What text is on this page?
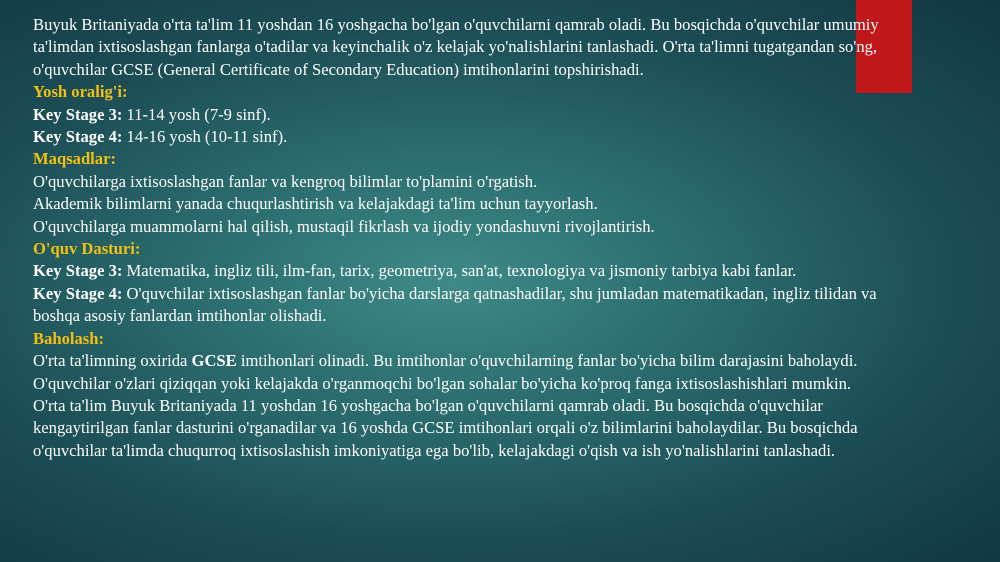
Buyuk Britaniyada o'rta ta'lim 11 yoshdan 16 yoshgacha bo'lgan o'quvchilarni qamrab oladi. Bu bosqichda o'quvchilar umumiy ta'limdan ixtisoslashgan fanlarga o'tadilar va keyinchalik o'z kelajak yo'nalishlarini tanlashadi. O'rta ta'limni tugatgandan so'ng, o'quvchilar GCSE (General Certificate of Secondary Education) imtihonlarini topshirishadi.

Yosh oralig'i:

Key Stage 3: 11-14 yosh (7-9 sinf).

Key Stage 4: 14-16 yosh (10-11 sinf).

Maqsadlar:

O'quvchilarga ixtisoslashgan fanlar va kengroq bilimlar to'plamini o'rgatish.

Akademik bilimlarni yanada chuqurlashtirish va kelajakdagi ta'lim uchun tayyorlash.

O'quvchilarga muammolarni hal qilish, mustaqil fikrlash va ijodiy yondashuvni rivojlantirish.

O'quv Dasturi:

Key Stage 3: Matematika, ingliz tili, ilm-fan, tarix, geometriya, san'at, texnologiya va jismoniy tarbiya kabi fanlar.

Key Stage 4: O'quvchilar ixtisoslashgan fanlar bo'yicha darslarga qatnashadilar, shu jumladan matematikadan, ingliz tilidan va boshqa asosiy fanlardan imtihonlar olishadi.

Baholash:

O'rta ta'limning oxirida GCSE imtihonlari olinadi. Bu imtihonlar o'quvchilarning fanlar bo'yicha bilim darajasini baholaydi.

O'quvchilar o'zlari qiziqqan yoki kelajakda o'rganmoqchi bo'lgan sohalar bo'yicha ko'proq fanga ixtisoslashishlari mumkin.

O'rta ta'lim Buyuk Britaniyada 11 yoshdan 16 yoshgacha bo'lgan o'quvchilarni qamrab oladi. Bu bosqichda o'quvchilar kengaytirilgan fanlar dasturini o'rganadilar va 16 yoshda GCSE imtihonlari orqali o'z bilimlarini baholaydilar. Bu bosqichda o'quvchilar ta'limda chuqurroq ixtisoslashish imkoniyatiga ega bo'lib, kelajakdagi o'qish va ish yo'nalishlarini tanlashadi.
